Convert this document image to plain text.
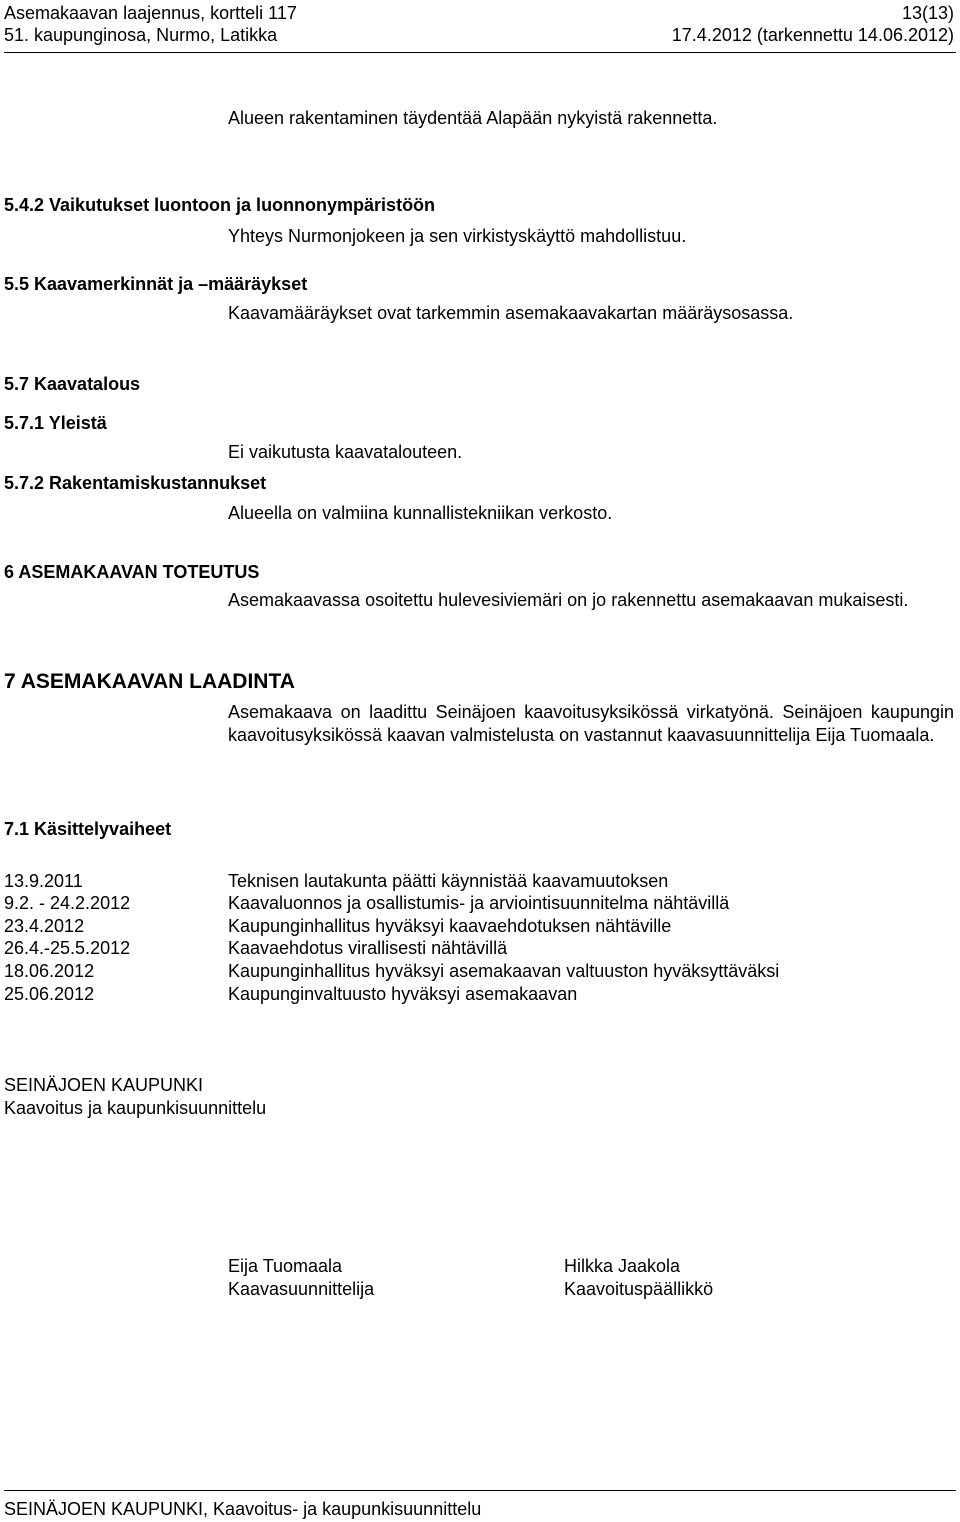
Asemakaavan laajennus, kortteli 117	13(13)
51. kaupunginosa, Nurmo, Latikka	17.4.2012 (tarkennettu 14.06.2012)
Alueen rakentaminen täydentää Alapään nykyistä rakennetta.
5.4.2 Vaikutukset luontoon ja luonnonympäristöön
Yhteys Nurmonjokeen ja sen virkistyskäyttö mahdollistuu.
5.5 Kaavamerkinnät ja –määräykset
Kaavamääräykset ovat tarkemmin asemakaavakartan määräysosassa.
5.7 Kaavatalous
5.7.1 Yleistä
Ei vaikutusta kaavatalouteen.
5.7.2 Rakentamiskustannukset
Alueella on valmiina kunnallistekniikan verkosto.
6 ASEMAKAAVAN TOTEUTUS
Asemakaavassa osoitettu hulevesiviemäri on jo rakennettu asemakaavan mukaisesti.
7 ASEMAKAAVAN LAADINTA
Asemakaava on laadittu Seinäjoen kaavoitusyksikössä virkatyönä. Seinäjoen kaupungin kaavoitusyksikössä kaavan valmistelusta on vastannut kaavasuunnittelija Eija Tuomaala.
7.1 Käsittelyvaiheet
13.9.2011	Teknisen lautakunta päätti käynnistää kaavamuutoksen
9.2. - 24.2.2012	Kaavaluonnos ja osallistumis- ja arviointisuunnitelma nähtävillä
23.4.2012	Kaupunginhallitus hyväksyi kaavaehdotuksen nähtäville
26.4.-25.5.2012	Kaavaehdotus virallisesti nähtävillä
18.06.2012	Kaupunginhallitus hyväksyi asemakaavan valtuuston hyväksyttäväksi
25.06.2012	Kaupunginvaltuusto hyväksyi asemakaavan
SEINÄJOEN KAUPUNKI
Kaavoitus ja kaupunkisuunnittelu
Eija Tuomaala
Kaavasuunnittelija
Hilkka Jaakola
Kaavoituspäällikkö
SEINÄJOEN KAUPUNKI, Kaavoitus- ja kaupunkisuunnittelu
